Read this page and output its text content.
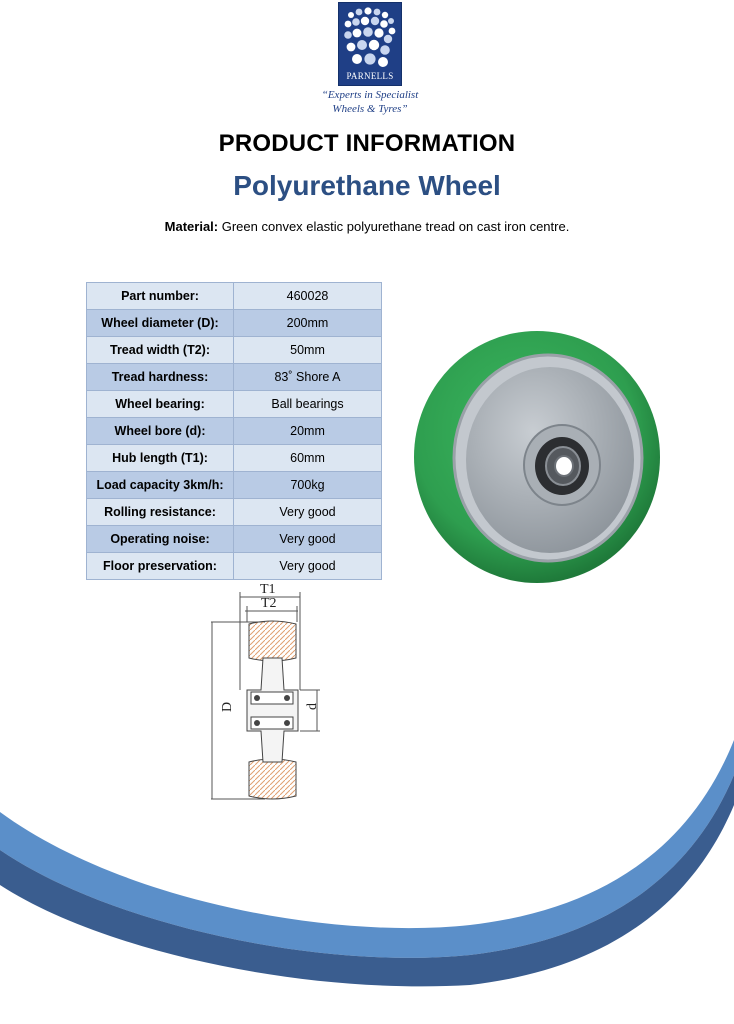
PARNELLS
“Experts in Specialist
Wheels & Tyres”
PRODUCT INFORMATION
Polyurethane Wheel
Material: Green convex elastic polyurethane tread on cast iron centre.
Part number:	460028
Wheel diameter (D):	200mm
Tread width (T2):	50mm
Tread hardness:	83˚ Shore A
Wheel bearing:	Ball bearings
Wheel bore (d):	20mm
Hub length (T1):	60mm
Load capacity 3km/h:	700kg
Rolling resistance:	Very good
Operating noise:	Very good
Floor preservation:	Very good
T1
T2
D	d
